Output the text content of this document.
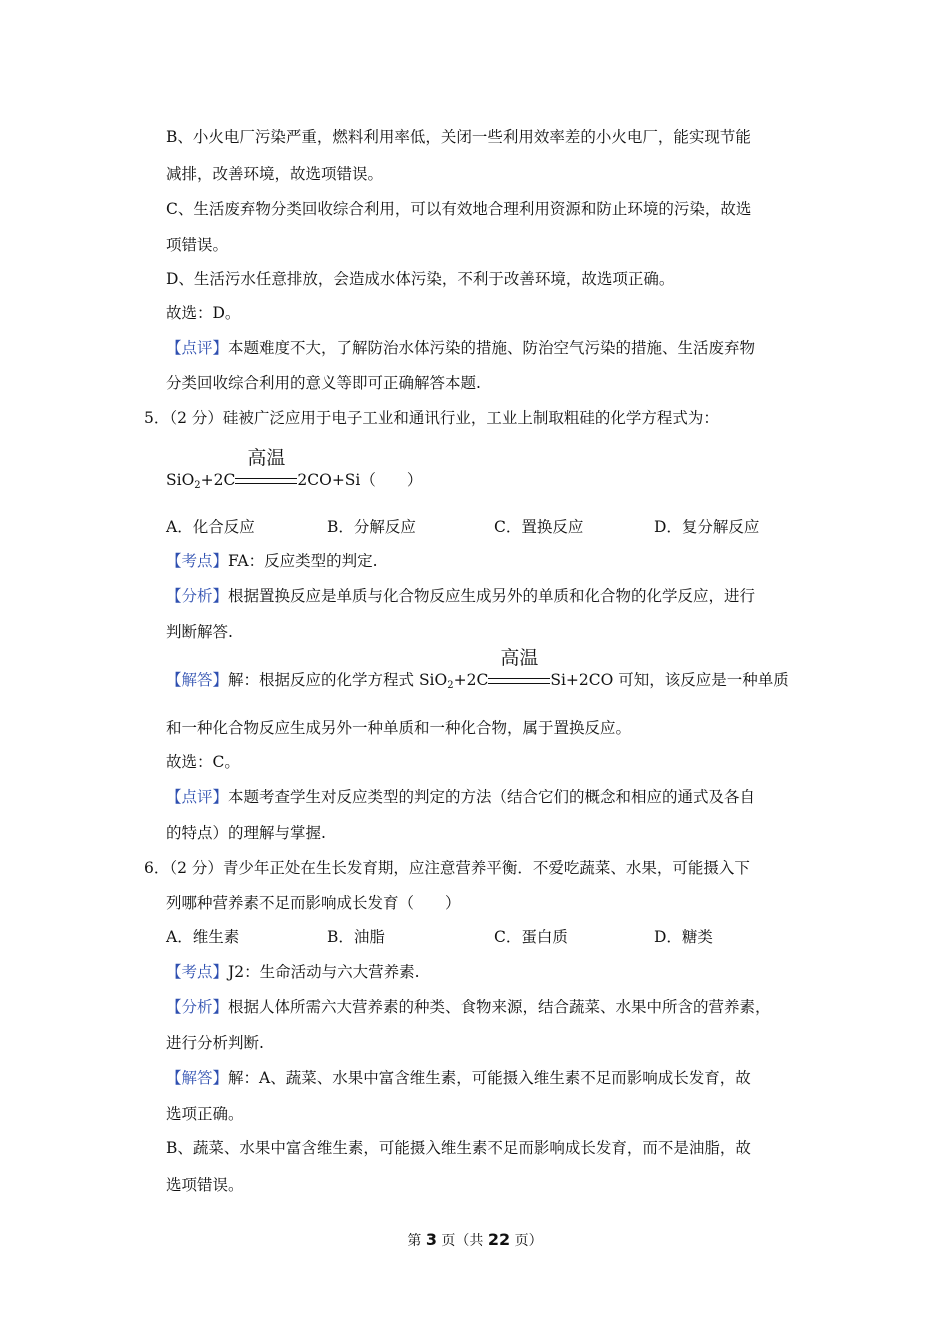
B、小火电厂污染严重，燃料利用率低，关闭一些利用效率差的小火电厂，能实现节能
减排，改善环境，故选项错误。
C、生活废弃物分类回收综合利用，可以有效地合理利用资源和防止环境的污染，故选
项错误。
D、生活污水任意排放，会造成水体污染，不利于改善环境，故选项正确。
故选：D。
【点评】本题难度不大，了解防治水体污染的措施、防治空气污染的措施、生活废弃物
分类回收综合利用的意义等即可正确解答本题.
5．（2 分）硅被广泛应用于电子工业和通讯行业，工业上制取粗硅的化学方程式为：
SiO$_2$+2C
高温
2CO+Si（　　）
A．化合反应	B．分解反应	C．置换反应	D．复分解反应
【考点】FA：反应类型的判定.
【分析】根据置换反应是单质与化合物反应生成另外的单质和化合物的化学反应，进行
判断解答.
【解答】解：根据反应的化学方程式 SiO$_2$+2C
高温
Si+2CO 可知，该反应是一种单质
和一种化合物反应生成另外一种单质和一种化合物，属于置换反应。
故选：C。
【点评】本题考查学生对反应类型的判定的方法（结合它们的概念和相应的通式及各自
的特点）的理解与掌握.
6．（2 分）青少年正处在生长发育期，应注意营养平衡．不爱吃蔬菜、水果，可能摄入下
列哪种营养素不足而影响成长发育（　　）
A．维生素	B．油脂	C．蛋白质	D．糖类
【考点】J2：生命活动与六大营养素.
【分析】根据人体所需六大营养素的种类、食物来源，结合蔬菜、水果中所含的营养素，
进行分析判断.
【解答】解：A、蔬菜、水果中富含维生素，可能摄入维生素不足而影响成长发育，故
选项正确。
B、蔬菜、水果中富含维生素，可能摄入维生素不足而影响成长发育，而不是油脂，故
选项错误。
第 3 页（共 22 页）
